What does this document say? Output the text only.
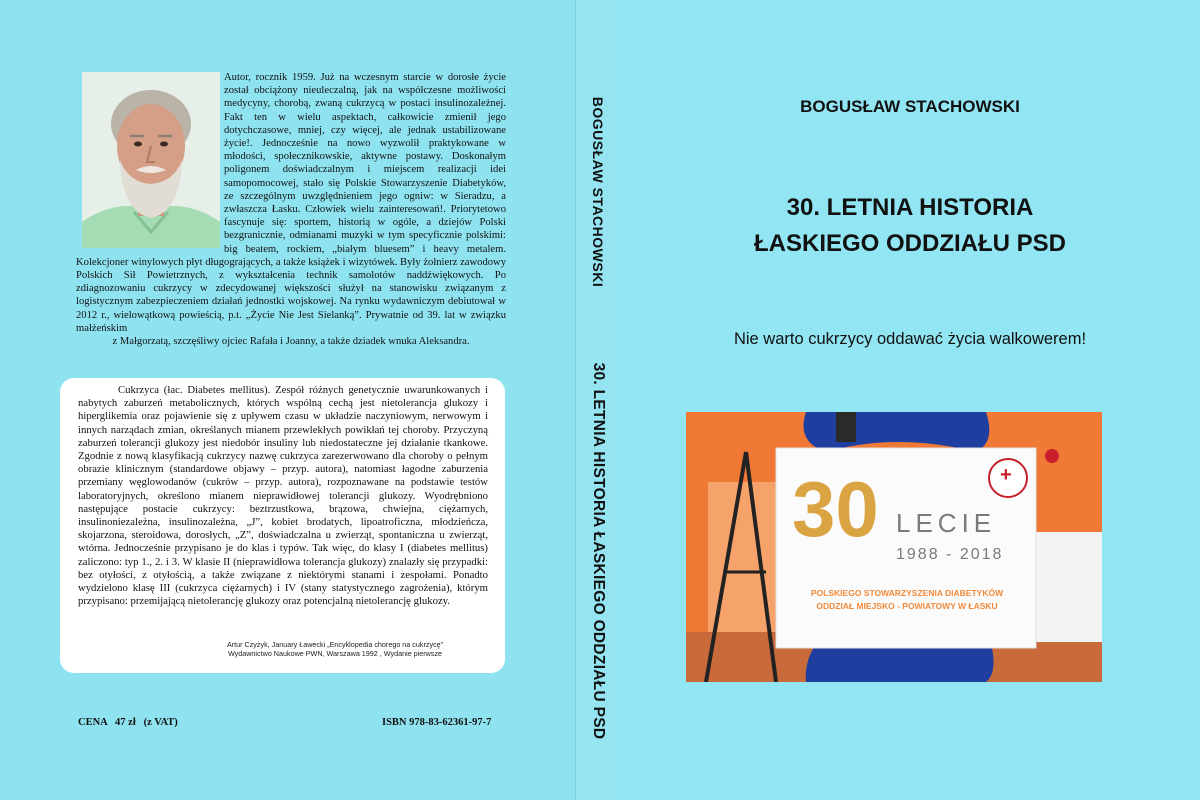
Autor, rocznik 1959. Już na wczesnym starcie w dorosłe życie został obciążony nieuleczalną, jak na współczesne możliwości medycyny, chorobą, zwaną cukrzycą w postaci insulinozależnej. Fakt ten w wielu aspektach, całkowicie zmienił jego dotychczasowe, mniej, czy więcej, ale jednak ustabilizowane życie!. Jednocześnie na nowo wyzwolił praktykowane w młodości, społecznikowskie, aktywne postawy. Doskonałym poligonem doświadczalnym i miejscem realizacji idei samopomocowej, stało się Polskie Stowarzyszenie Diabetyków, ze szczególnym uwzględnieniem jego ogniw: w Sieradzu, a zwłaszcza Łasku. Człowiek wielu zainteresowań!. Priorytetowo fascynuje się: sportem, historią w ogóle, a dziejów Polski bezgranicznie, odmianami muzyki w tym specyficznie polskimi: big beatem, rockiem, „białym bluesem” i heavy metalem. Kolekcjoner winylowych płyt długogrających, a także książek i wizytówek. Były żołnierz zawodowy Polskich Sił Powietrznych, z wykształcenia technik samolotów naddźwiękowych. Po zdiagnozowaniu cukrzycy w zdecydowanej większości służył na stanowisku związanym z logistycznym zabezpieczeniem działań jednostki wojskowej. Na rynku wydawniczym debiutował w 2012 r., wielowątkową powieścią, p.t. „Życie Nie Jest Sielanką”. Prywatnie od 39. lat w związku małżeńskim
z Małgorzatą, szczęśliwy ojciec Rafała i Joanny, a także dziadek wnuka Aleksandra.
Cukrzyca (łac. Diabetes mellitus). Zespół różnych genetycznie uwarunkowanych i nabytych zaburzeń metabolicznych, których wspólną cechą jest nietolerancja glukozy i hiperglikemia oraz pojawienie się z upływem czasu w układzie naczyniowym, nerwowym i innych narządach zmian, określanych mianem przewlekłych powikłań tej choroby. Przyczyną zaburzeń tolerancji glukozy jest niedobór insuliny lub niedostateczne jej działanie tkankowe. Zgodnie z nową klasyfikacją cukrzycy nazwę cukrzyca zarezerwowano dla choroby o pełnym obrazie klinicznym (standardowe objawy – przyp. autora), natomiast łagodne zaburzenia przemiany węglowodanów (cukrów – przyp. autora), rozpoznawane na podstawie testów laboratoryjnych, określono mianem nieprawidłowej tolerancji glukozy. Wyodrębniono następujące postacie cukrzycy: beztrzustkowa, brązowa, chwiejna, ciężarnych, insulinoniezależna, insulinozależna, „J”, kobiet brodatych, lipoatroficzna, młodzieńcza, skojarzona, steroidowa, dorosłych, „Z”, doświadczalna u zwierząt, spontaniczna u zwierząt, wtórna. Jednocześnie przypisano je do klas i typów. Tak więc, do klasy I (diabetes mellitus) zaliczono: typ 1., 2. i 3. W klasie II (nieprawidłowa tolerancja glukozy) znalazły się przypadki: bez otyłości, z otyłością, a także związane z niektórymi stanami i zespołami. Ponadto wydzielono klasę III (cukrzyca ciężarnych) i IV (stany statystycznego zagrożenia), którym przypisano: przemijającą nietolerancję glukozy oraz potencjalną nietolerancję glukozy.
Artur Czyżyk, January Ławecki „Encyklopedia chorego na cukrzycę”
Wydawnictwo Naukowe PWN, Warszawa 1992 , Wydanie pierwsze
CENA   47 zł   (z VAT)	ISBN 978-83-62361-97-7
BOGUSŁAW STACHOWSKI
30. LETNIA HISTORIA ŁASKIEGO ODDZIAŁU PSD
BOGUSŁAW STACHOWSKI
30. LETNIA HISTORIA
ŁASKIEGO ODDZIAŁU PSD
Nie warto cukrzycy oddawać życia walkowerem!
30	+
LECIE
1988 - 2018
POLSKIEGO STOWARZYSZENIA DIABETYKÓW
ODDZIAŁ MIEJSKO - POWIATOWY W ŁASKU
